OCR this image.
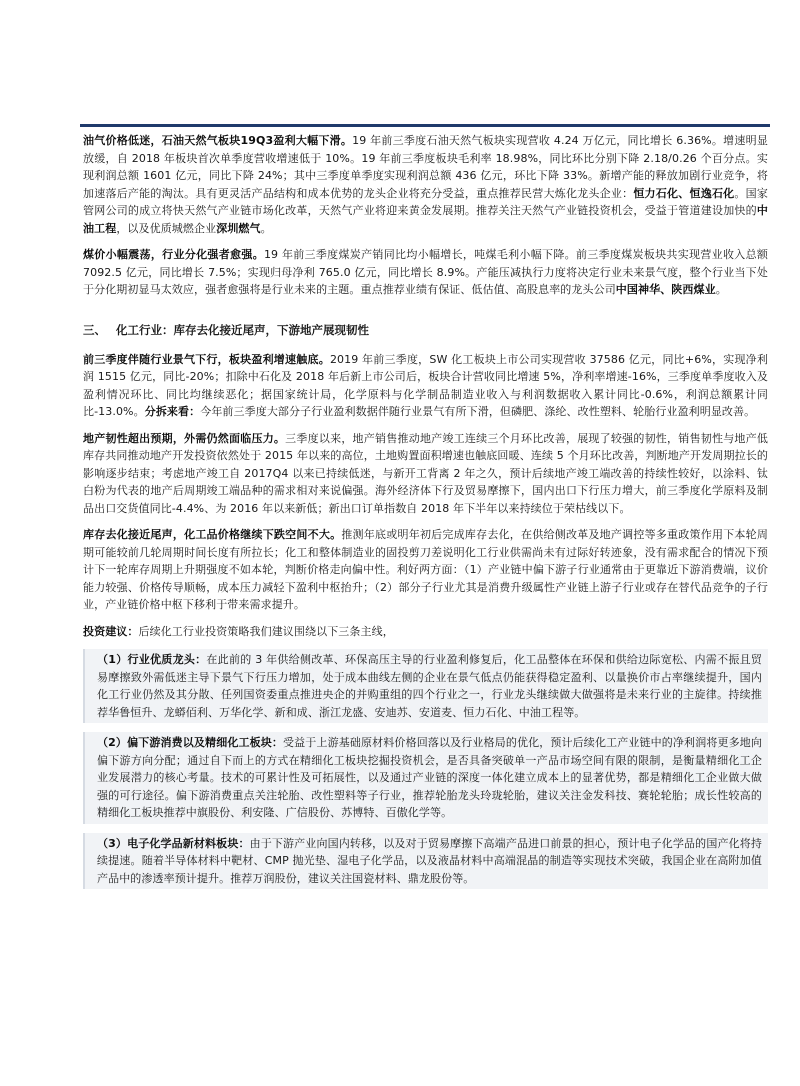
油气价格低迷，石油天然气板块19Q3盈利大幅下滑。19 年前三季度石油天然气板块实现营收 4.24 万亿元，同比增长 6.36%。增速明显放缓，自 2018 年板块首次单季度营收增速低于 10%。19 年前三季度板块毛利率 18.98%，同比环比分别下降 2.18/0.26 个百分点。实现利润总额 1601 亿元，同比下降 24%；其中三季度单季度实现利润总额 436 亿元，环比下降 33%。新增产能的释放加剧行业竞争，将加速落后产能的淘汰。具有更灵活产品结构和成本优势的龙头企业将充分受益，重点推荐民营大炼化龙头企业：恒力石化、恒逸石化。国家管网公司的成立将快天然气产业链市场化改革，天然气产业将迎来黄金发展期。推荐关注天然气产业链投资机会，受益于管道建设加快的中油工程，以及优质城燃企业深圳燃气。

煤价小幅震荡，行业分化强者愈强。19 年前三季度煤炭产销同比均小幅增长，吨煤毛利小幅下降。前三季度煤炭板块共实现营业收入总额 7092.5 亿元，同比增长 7.5%；实现归母净利 765.0 亿元，同比增长 8.9%。产能压减执行力度将决定行业未来景气度，整个行业当下处于分化期初显马太效应，强者愈强将是行业未来的主题。重点推荐业绩有保证、低估值、高股息率的龙头公司中国神华、陕西煤业。

三、 化工行业：库存去化接近尾声，下游地产展现韧性

前三季度伴随行业景气下行，板块盈利增速触底。2019 年前三季度，SW 化工板块上市公司实现营收 37586 亿元，同比+6%，实现净利润 1515 亿元，同比-20%；扣除中石化及 2018 年后新上市公司后，板块合计营收同比增速 5%，净利率增速-16%，三季度单季度收入及盈利情况环比、同比均继续恶化；据国家统计局，化学原料与化学制品制造业收入与利润数据收入累计同比-0.6%，利润总额累计同比-13.0%。分拆来看：今年前三季度大部分子行业盈利数据伴随行业景气有所下滑，但磷肥、涤纶、改性塑料、轮胎行业盈利明显改善。

地产韧性超出预期，外需仍然面临压力。三季度以来，地产销售推动地产竣工连续三个月环比改善，展现了较强的韧性，销售韧性与地产低库存共同推动地产开发投资依然处于 2015 年以来的高位，土地购置面积增速也触底回暖、连续 5 个月环比改善，判断地产开发周期拉长的影响逐步结束；考虑地产竣工自 2017Q4 以来已持续低迷，与新开工背离 2 年之久，预计后续地产竣工端改善的持续性较好，以涂料、钛白粉为代表的地产后周期竣工端品种的需求相对来说偏强。海外经济体下行及贸易摩擦下，国内出口下行压力增大，前三季度化学原料及制品出口交货值同比-4.4%、为 2016 年以来新低；新出口订单指数自 2018 年下半年以来持续位于荣枯线以下。

库存去化接近尾声，化工品价格继续下跌空间不大。推测年底或明年初后完成库存去化，在供给侧改革及地产调控等多重政策作用下本轮周期可能较前几轮周期时间长度有所拉长；化工和整体制造业的固投剪刀差说明化工行业供需尚未有过际好转迹象，没有需求配合的情况下预计下一轮库存周期上升期强度不如本轮，判断价格走向偏中性。利好两方面：（1）产业链中偏下游子行业通常由于更靠近下游消费端，议价能力较强、价格传导顺畅，成本压力减轻下盈利中枢抬升；（2）部分子行业尤其是消费升级属性产业链上游子行业或存在替代品竞争的子行业，产业链价格中枢下移利于带来需求提升。

投资建议：后续化工行业投资策略我们建议围绕以下三条主线，

（1）行业优质龙头：在此前的 3 年供给侧改革、环保高压主导的行业盈利修复后，化工品整体在环保和供给边际宽松、内需不振且贸易摩擦致外需低迷主导下景气下行压力增加，处于成本曲线左侧的企业在景气低点仍能获得稳定盈利、以量换价市占率继续提升，国内化工行业仍然及其分散、任列国资委重点推进央企的并购重组的四个行业之一，行业龙头继续做大做强将是未来行业的主旋律。持续推荐华鲁恒升、龙蟒佰利、万华化学、新和成、浙江龙盛、安迪苏、安道麦、恒力石化、中油工程等。

（2）偏下游消费以及精细化工板块：受益于上游基础原材料价格回落以及行业格局的优化，预计后续化工产业链中的净利润将更多地向偏下游方向分配；通过自下而上的方式在精细化工板块挖掘投资机会，是否具备突破单一产品市场空间有限的限制，是衡量精细化工企业发展潜力的核心考量。技术的可累计性及可拓展性，以及通过产业链的深度一体化建立成本上的显著优势，都是精细化工企业做大做强的可行途径。偏下游消费重点关注轮胎、改性塑料等子行业，推荐轮胎龙头玲珑轮胎，建议关注金发科技、赛轮轮胎；成长性较高的精细化工板块推荐中旗股份、利安隆、广信股份、苏博特、百傲化学等。

（3）电子化学品新材料板块：由于下游产业向国内转移，以及对于贸易摩擦下高端产品进口前景的担心，预计电子化学品的国产化将持续提速。随着半导体材料中靶材、CMP 抛光垫、湿电子化学品，以及液晶材料中高端混晶的制造等实现技术突破，我国企业在高附加值产品中的渗透率预计提升。推荐万润股份，建议关注国瓷材料、鼎龙股份等。
